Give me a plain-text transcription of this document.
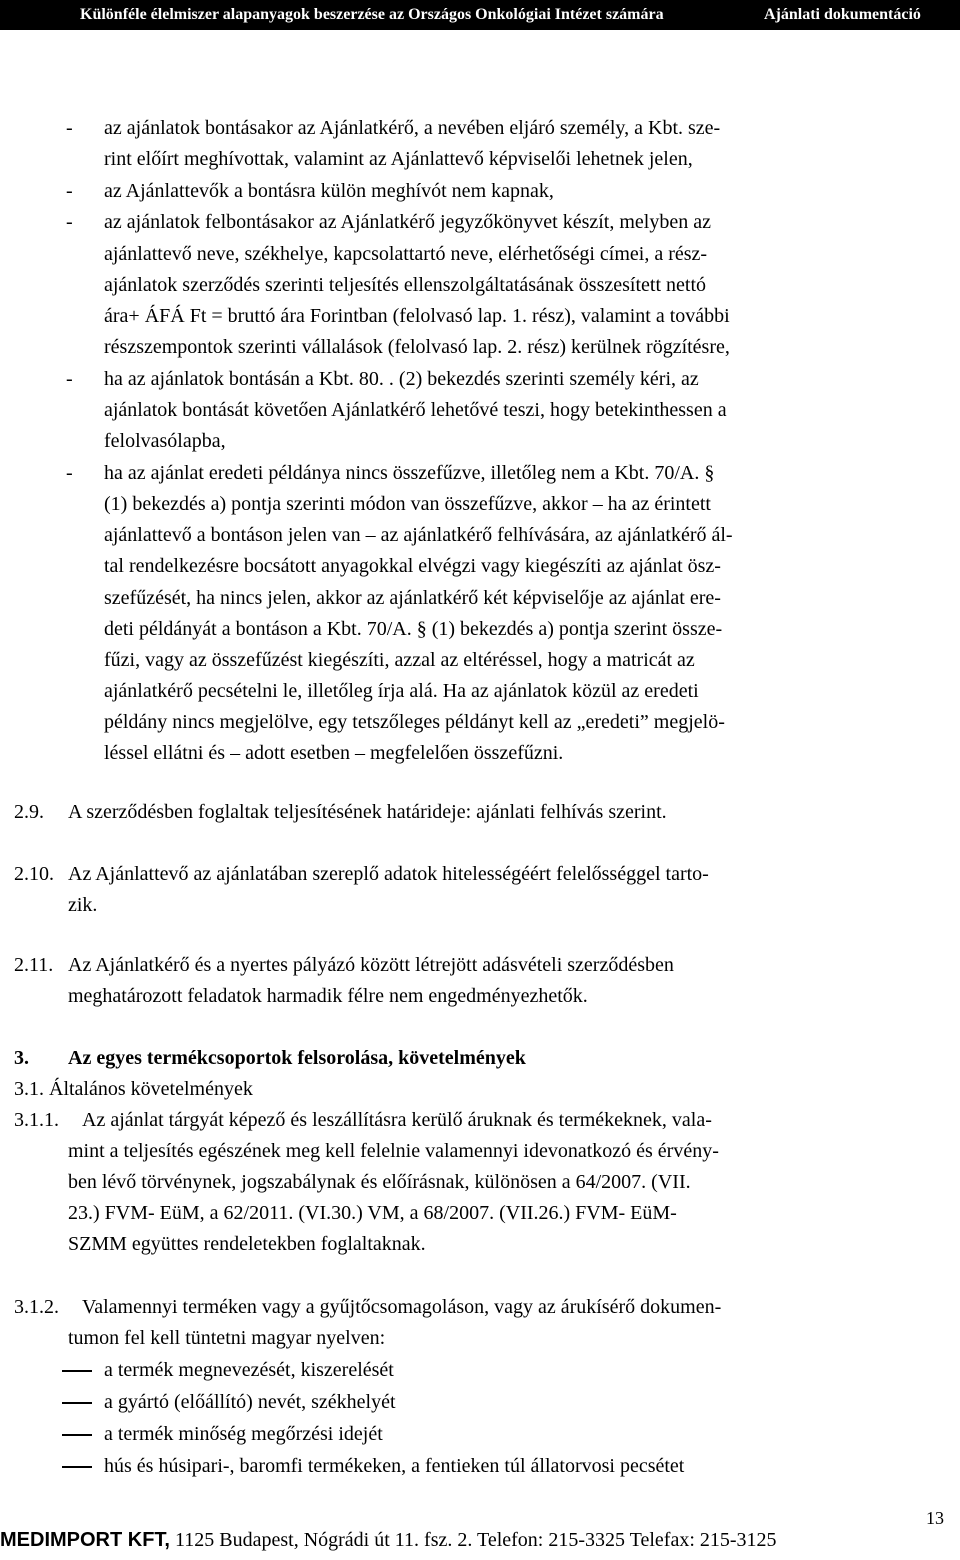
Különféle élelmiszer alapanyagok beszerzése az Országos Onkológiai Intézet számára	Ajánlati dokumentáció
- az ajánlatok bontásakor az Ajánlatkérő, a nevében eljáró személy, a Kbt. sze-
rint előírt meghívottak, valamint az Ajánlattevő képviselői lehetnek jelen,
- az Ajánlattevők a bontásra külön meghívót nem kapnak,
- az ajánlatok felbontásakor az Ajánlatkérő jegyzőkönyvet készít, melyben az
ajánlattevő neve, székhelye, kapcsolattartó neve, elérhetőségi címei, a rész-
ajánlatok szerződés szerinti teljesítés ellenszolgáltatásának összesített nettó
ára+ ÁFÁ Ft = bruttó ára Forintban (felolvasó lap. 1. rész), valamint a további
részszempontok szerinti vállalások (felolvasó lap. 2. rész) kerülnek rögzítésre,
- ha az ajánlatok bontásán a Kbt. 80. . (2) bekezdés szerinti személy kéri, az
ajánlatok bontását követően Ajánlatkérő lehetővé teszi, hogy betekinthessen a
felolvasólapba,
- ha az ajánlat eredeti példánya nincs összefűzve, illetőleg nem a Kbt. 70/A. §
(1) bekezdés a) pontja szerinti módon van összefűzve, akkor – ha az érintett
ajánlattevő a bontáson jelen van – az ajánlatkérő felhívására, az ajánlatkérő ál-
tal rendelkezésre bocsátott anyagokkal elvégzi vagy kiegészíti az ajánlat ösz-
szefűzését, ha nincs jelen, akkor az ajánlatkérő két képviselője az ajánlat ere-
deti példányát a bontáson a Kbt. 70/A. § (1) bekezdés a) pontja szerint össze-
fűzi, vagy az összefűzést kiegészíti, azzal az eltéréssel, hogy a matricát az
ajánlatkérő pecsételni le, illetőleg írja alá. Ha az ajánlatok közül az eredeti
példány nincs megjelölve, egy tetszőleges példányt kell az „eredeti” megjelö-
léssel ellátni és – adott esetben – megfelelően összefűzni.
2.9. A szerződésben foglaltak teljesítésének határideje: ajánlati felhívás szerint.
2.10. Az Ajánlattevő az ajánlatában szereplő adatok hitelességéért felelősséggel tarto-
zik.
2.11. Az Ajánlatkérő és a nyertes pályázó között létrejött adásvételi szerződésben
meghatározott feladatok harmadik félre nem engedményezhetők.
3. Az egyes termékcsoportok felsorolása, követelmények
3.1. Általános követelmények
3.1.1. Az ajánlat tárgyát képező és leszállításra kerülő áruknak és termékeknek, vala-
mint a teljesítés egészének meg kell felelnie valamennyi idevonatkozó és érvény-
ben lévő törvénynek, jogszabálynak és előírásnak, különösen a 64/2007. (VII.
23.) FVM- EüM, a 62/2011. (VI.30.) VM, a 68/2007. (VII.26.) FVM- EüM-
SZMM együttes rendeletekben foglaltaknak.
3.1.2. Valamennyi terméken vagy a gyűjtőcsomagoláson, vagy az árukísérő dokumen-
tumon fel kell tüntetni magyar nyelven:
a termék megnevezését, kiszerelését
a gyártó (előállító) nevét, székhelyét
a termék minőség megőrzési idejét
hús és húsipari-, baromfi termékeken, a fentieken túl állatorvosi pecsétet
13
MEDIMPORT KFT, 1125 Budapest, Nógrádi út 11. fsz. 2. Telefon: 215-3325 Telefax: 215-3125
